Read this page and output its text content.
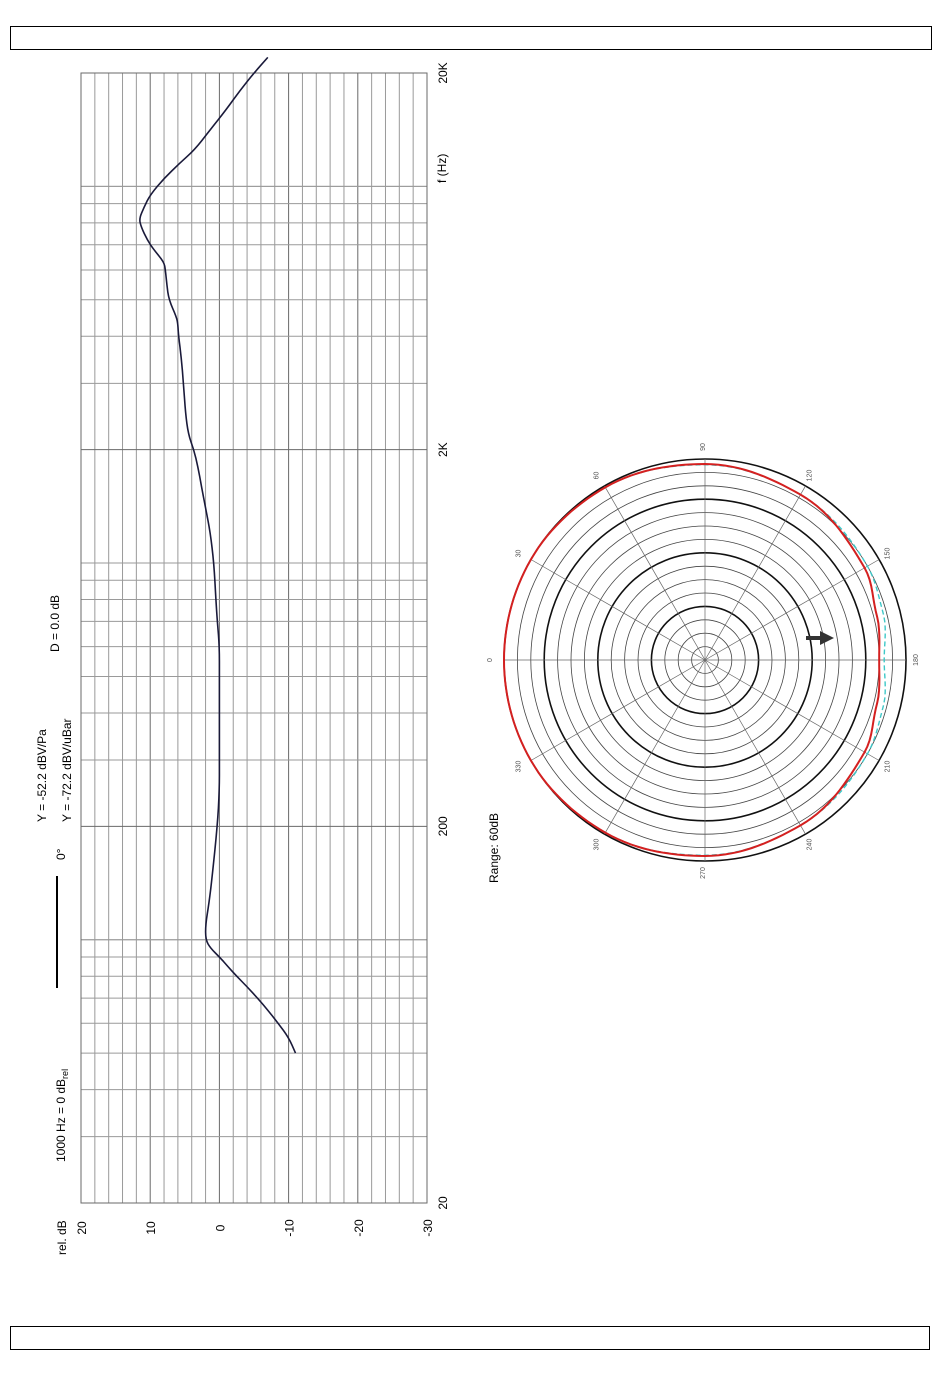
20	10	0	-10	-20	-30
20
200
2K
20K
rel. dB
f (Hz)
1000 Hz = 0 $dB_{rel}$
0°
Y = -52.2 dBV/Pa Y = -72.2 dBV/uBar
D = 0.0 dB
0
30
60
90
120
150
180
210
240
270
300
330
Range: 60dB
